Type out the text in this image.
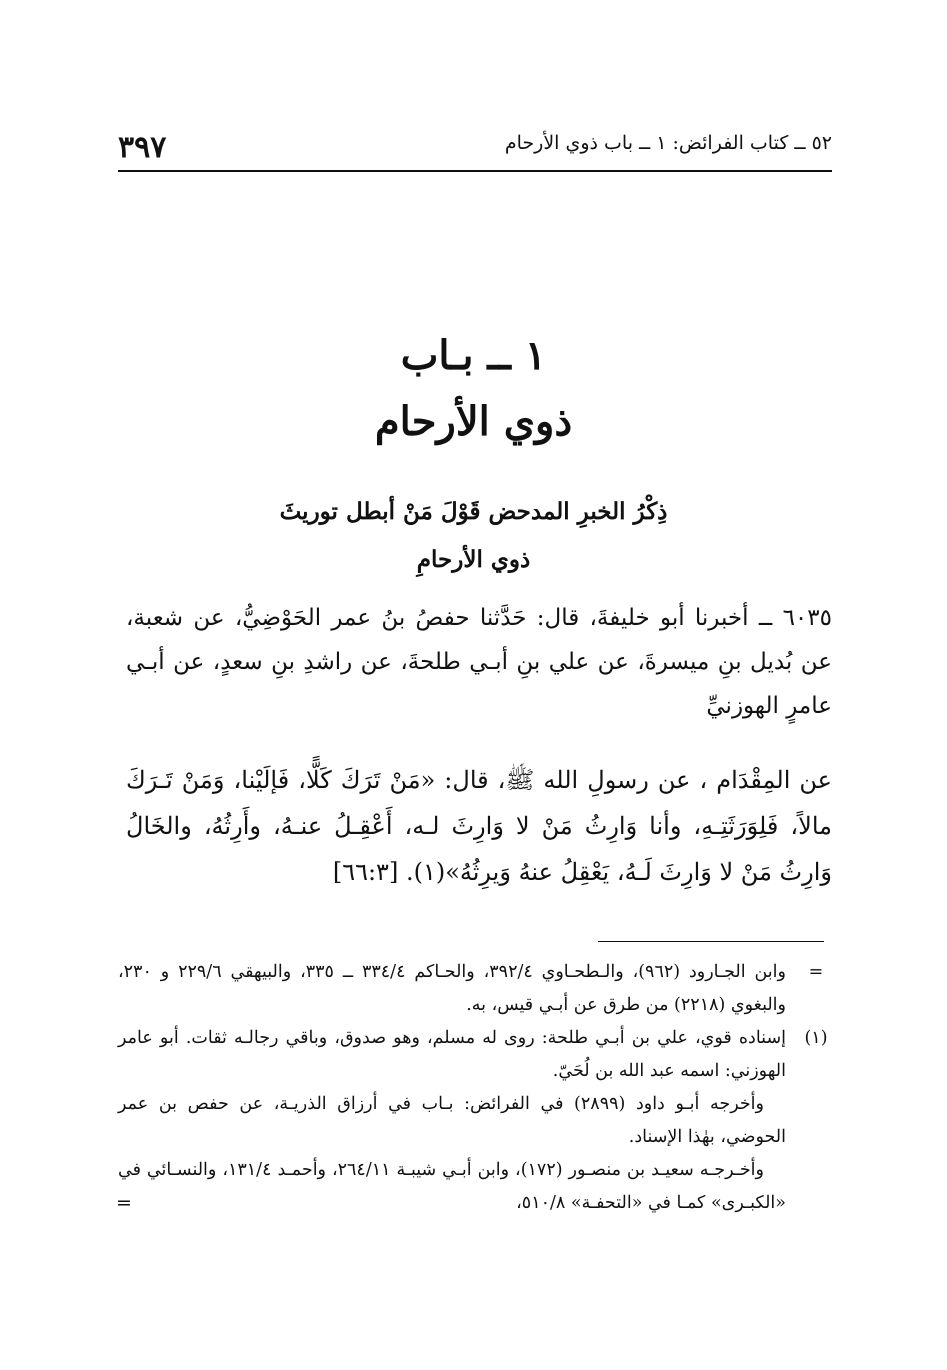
٣٩٧	٥٢ ــ كتاب الفرائض: ١ ــ باب ذوي الأرحام
١ ــ بـاب
ذوي الأرحام
ذِكْرُ الخبرِ المدحض قَوْلَ مَنْ أبطل توريثَ
ذوي الأرحامِ

٦٠٣٥ ــ أخبرنا أبو خليفةَ، قال: حَدَّثنا حفصُ بنُ عمر الحَوْضِيُّ، عن شعبة، عن بُديل بنِ ميسرةَ، عن علي بنِ أبـي طلحةَ، عن راشدِ بنِ سعدٍ، عن أبـي عامرٍ الهوزنيِّ

عن المِقْدَام ، عن رسولِ الله ﷺ، قال: «مَنْ تَرَكَ كَلًّا، فَإلَيْنا، وَمَنْ تَـرَكَ مالاً، فَلِوَرَثَتِـهِ، وأنا وَارِثُ مَنْ لا وَارِثَ لـه، أَعْقِـلُ عنـهُ، وأَرِثُهُ، والخَالُ وَارِثُ مَنْ لا وَارِثَ لَـهُ، يَعْقِلُ عنهُ وَيرِثُهُ»(١). [٦٦:٣]

=

وابن الجـارود (٩٦٢)، والـطحـاوي ٣٩٢/٤، والحـاكم ٣٣٤/٤ ــ ٣٣٥، والبيهقي ٢٢٩/٦ و ٢٣٠، والبغوي (٢٢١٨) من طرق عن أبـي قيس، به.

(١)

إسناده قوي، علي بن أبـي طلحة: روى له مسلم، وهو صدوق، وباقي رجالـه ثقات. أبو عامر الهوزني: اسمه عبد الله بن لُحَيّ.

وأخرجه أبـو داود (٢٨٩٩) في الفرائض: بـاب في أرزاق الذريـة، عن حفص بن عمر الحوضي، بهٰذا الإسناد.

وأخـرجـه سعيـد بن منصـور (١٧٢)، وابن أبـي شيبـة ٢٦٤/١١، وأحمـد ١٣١/٤، والنسـائي في «الكبـرى» كمـا في «التحفـة» ٥١٠/٨،

=
